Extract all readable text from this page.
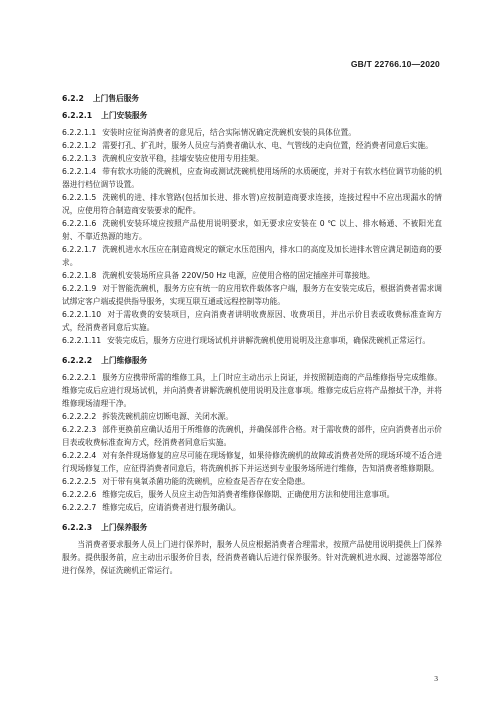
GB/T 22766.10—2020

6.2.2 上门售后服务

6.2.2.1 上门安装服务

6.2.2.1.1 安装时应征询消费者的意见后，结合实际情况确定洗碗机安装的具体位置。

6.2.2.1.2 需要打孔、扩孔时，服务人员应与消费者确认水、电、气管线的走向位置，经消费者同意后实施。

6.2.2.1.3 洗碗机应安放平稳，挂墙安装应使用专用挂架。

6.2.2.1.4 带有软水功能的洗碗机，应查询或测试洗碗机使用场所的水质硬度，并对于有软水档位调节功能的机器进行档位调节设置。

6.2.2.1.5 洗碗机的进、排水管路(包括加长进、排水管)应按制造商要求连接，连接过程中不应出现漏水的情况，应使用符合制造商安装要求的配件。

6.2.2.1.6 洗碗机安装环境应按照产品使用说明要求，如无要求应安装在 0 ℃ 以上、排水畅通、不被阳光直射、不靠近热源的地方。

6.2.2.1.7 洗碗机进水水压应在制造商规定的额定水压范围内，排水口的高度及加长进排水管应满足制造商的要求。

6.2.2.1.8 洗碗机安装场所应具备 220V/50 Hz 电源，应使用合格的固定插座并可靠接地。

6.2.2.1.9 对于智能洗碗机，服务方应有统一的应用软件载体客户端，服务方在安装完成后，根据消费者需求调试绑定客户端或提供指导服务，实现互联互通或远程控制等功能。

6.2.2.1.10 对于需收费的安装项目，应向消费者讲明收费原因、收费项目，并出示价目表或收费标准查询方式，经消费者同意后实施。

6.2.2.1.11 安装完成后，服务方应进行现场试机并讲解洗碗机使用说明及注意事项，确保洗碗机正常运行。

6.2.2.2 上门维修服务

6.2.2.2.1 服务方应携带所需的维修工具，上门时应主动出示上岗证，并按照制造商的产品维修指导完成维修。维修完成后应进行现场试机，并向消费者讲解洗碗机使用说明及注意事项。维修完成后应将产品擦拭干净，并将维修现场清理干净。

6.2.2.2.2 拆装洗碗机前应切断电源、关闭水源。

6.2.2.2.3 部件更换前应确认适用于所维修的洗碗机，并确保部件合格。对于需收费的部件，应向消费者出示价目表或收费标准查询方式，经消费者同意后实施。

6.2.2.2.4 对有条件现场修复的应尽可能在现场修复，如果待修洗碗机的故障或消费者处所的现场环境不适合进行现场修复工作，应征得消费者同意后，将洗碗机拆下并运送到专业服务场所进行维修，告知消费者维修期限。

6.2.2.2.5 对于带有臭氧杀菌功能的洗碗机，应检查是否存在安全隐患。

6.2.2.2.6 维修完成后，服务人员应主动告知消费者维修保修期、正确使用方法和使用注意事项。

6.2.2.2.7 维修完成后，应请消费者进行服务确认。

6.2.2.3 上门保养服务

当消费者要求服务人员上门进行保养时，服务人员应根据消费者合理需求，按照产品使用说明提供上门保养服务。提供服务前，应主动出示服务价目表，经消费者确认后进行保养服务。针对洗碗机进水阀、过滤器等部位进行保养，保证洗碗机正常运行。

3
